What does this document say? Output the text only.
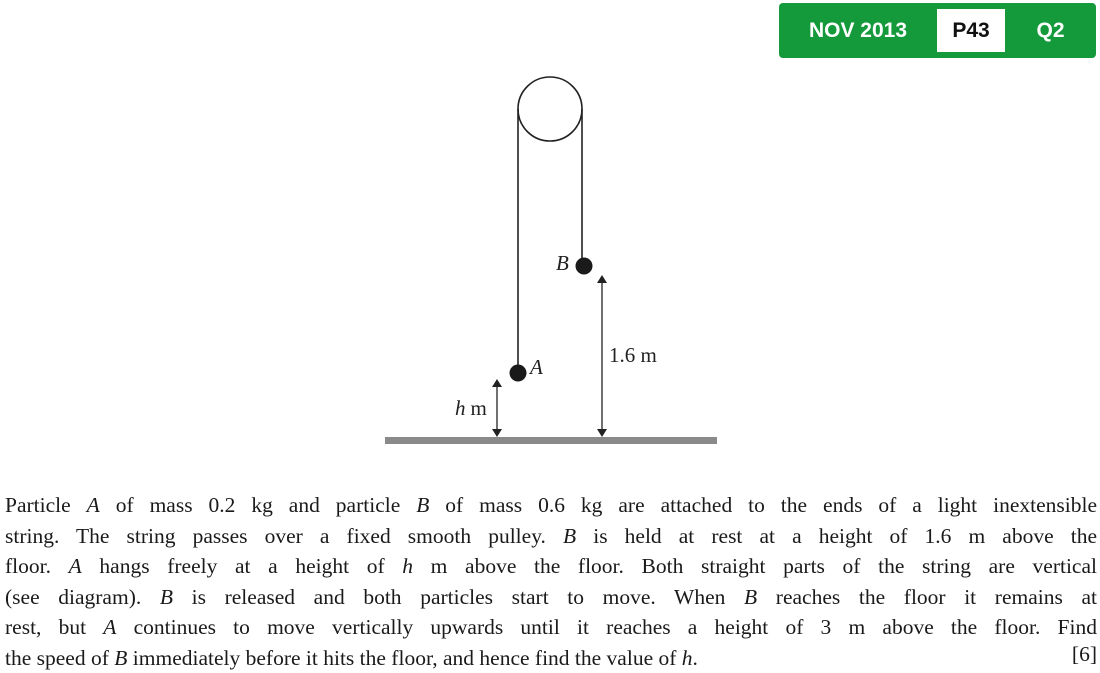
NOV 2013	P43	Q2
A
B
1.6 m
h m
Particle A of mass 0.2 kg and particle B of mass 0.6 kg are attached to the ends of a light inextensible
string. The string passes over a fixed smooth pulley. B is held at rest at a height of 1.6 m above the
floor. A hangs freely at a height of h m above the floor. Both straight parts of the string are vertical
(see diagram). B is released and both particles start to move. When B reaches the floor it remains at
rest, but A continues to move vertically upwards until it reaches a height of 3 m above the floor. Find
the speed of B immediately before it hits the floor, and hence find the value of h.	[6]
